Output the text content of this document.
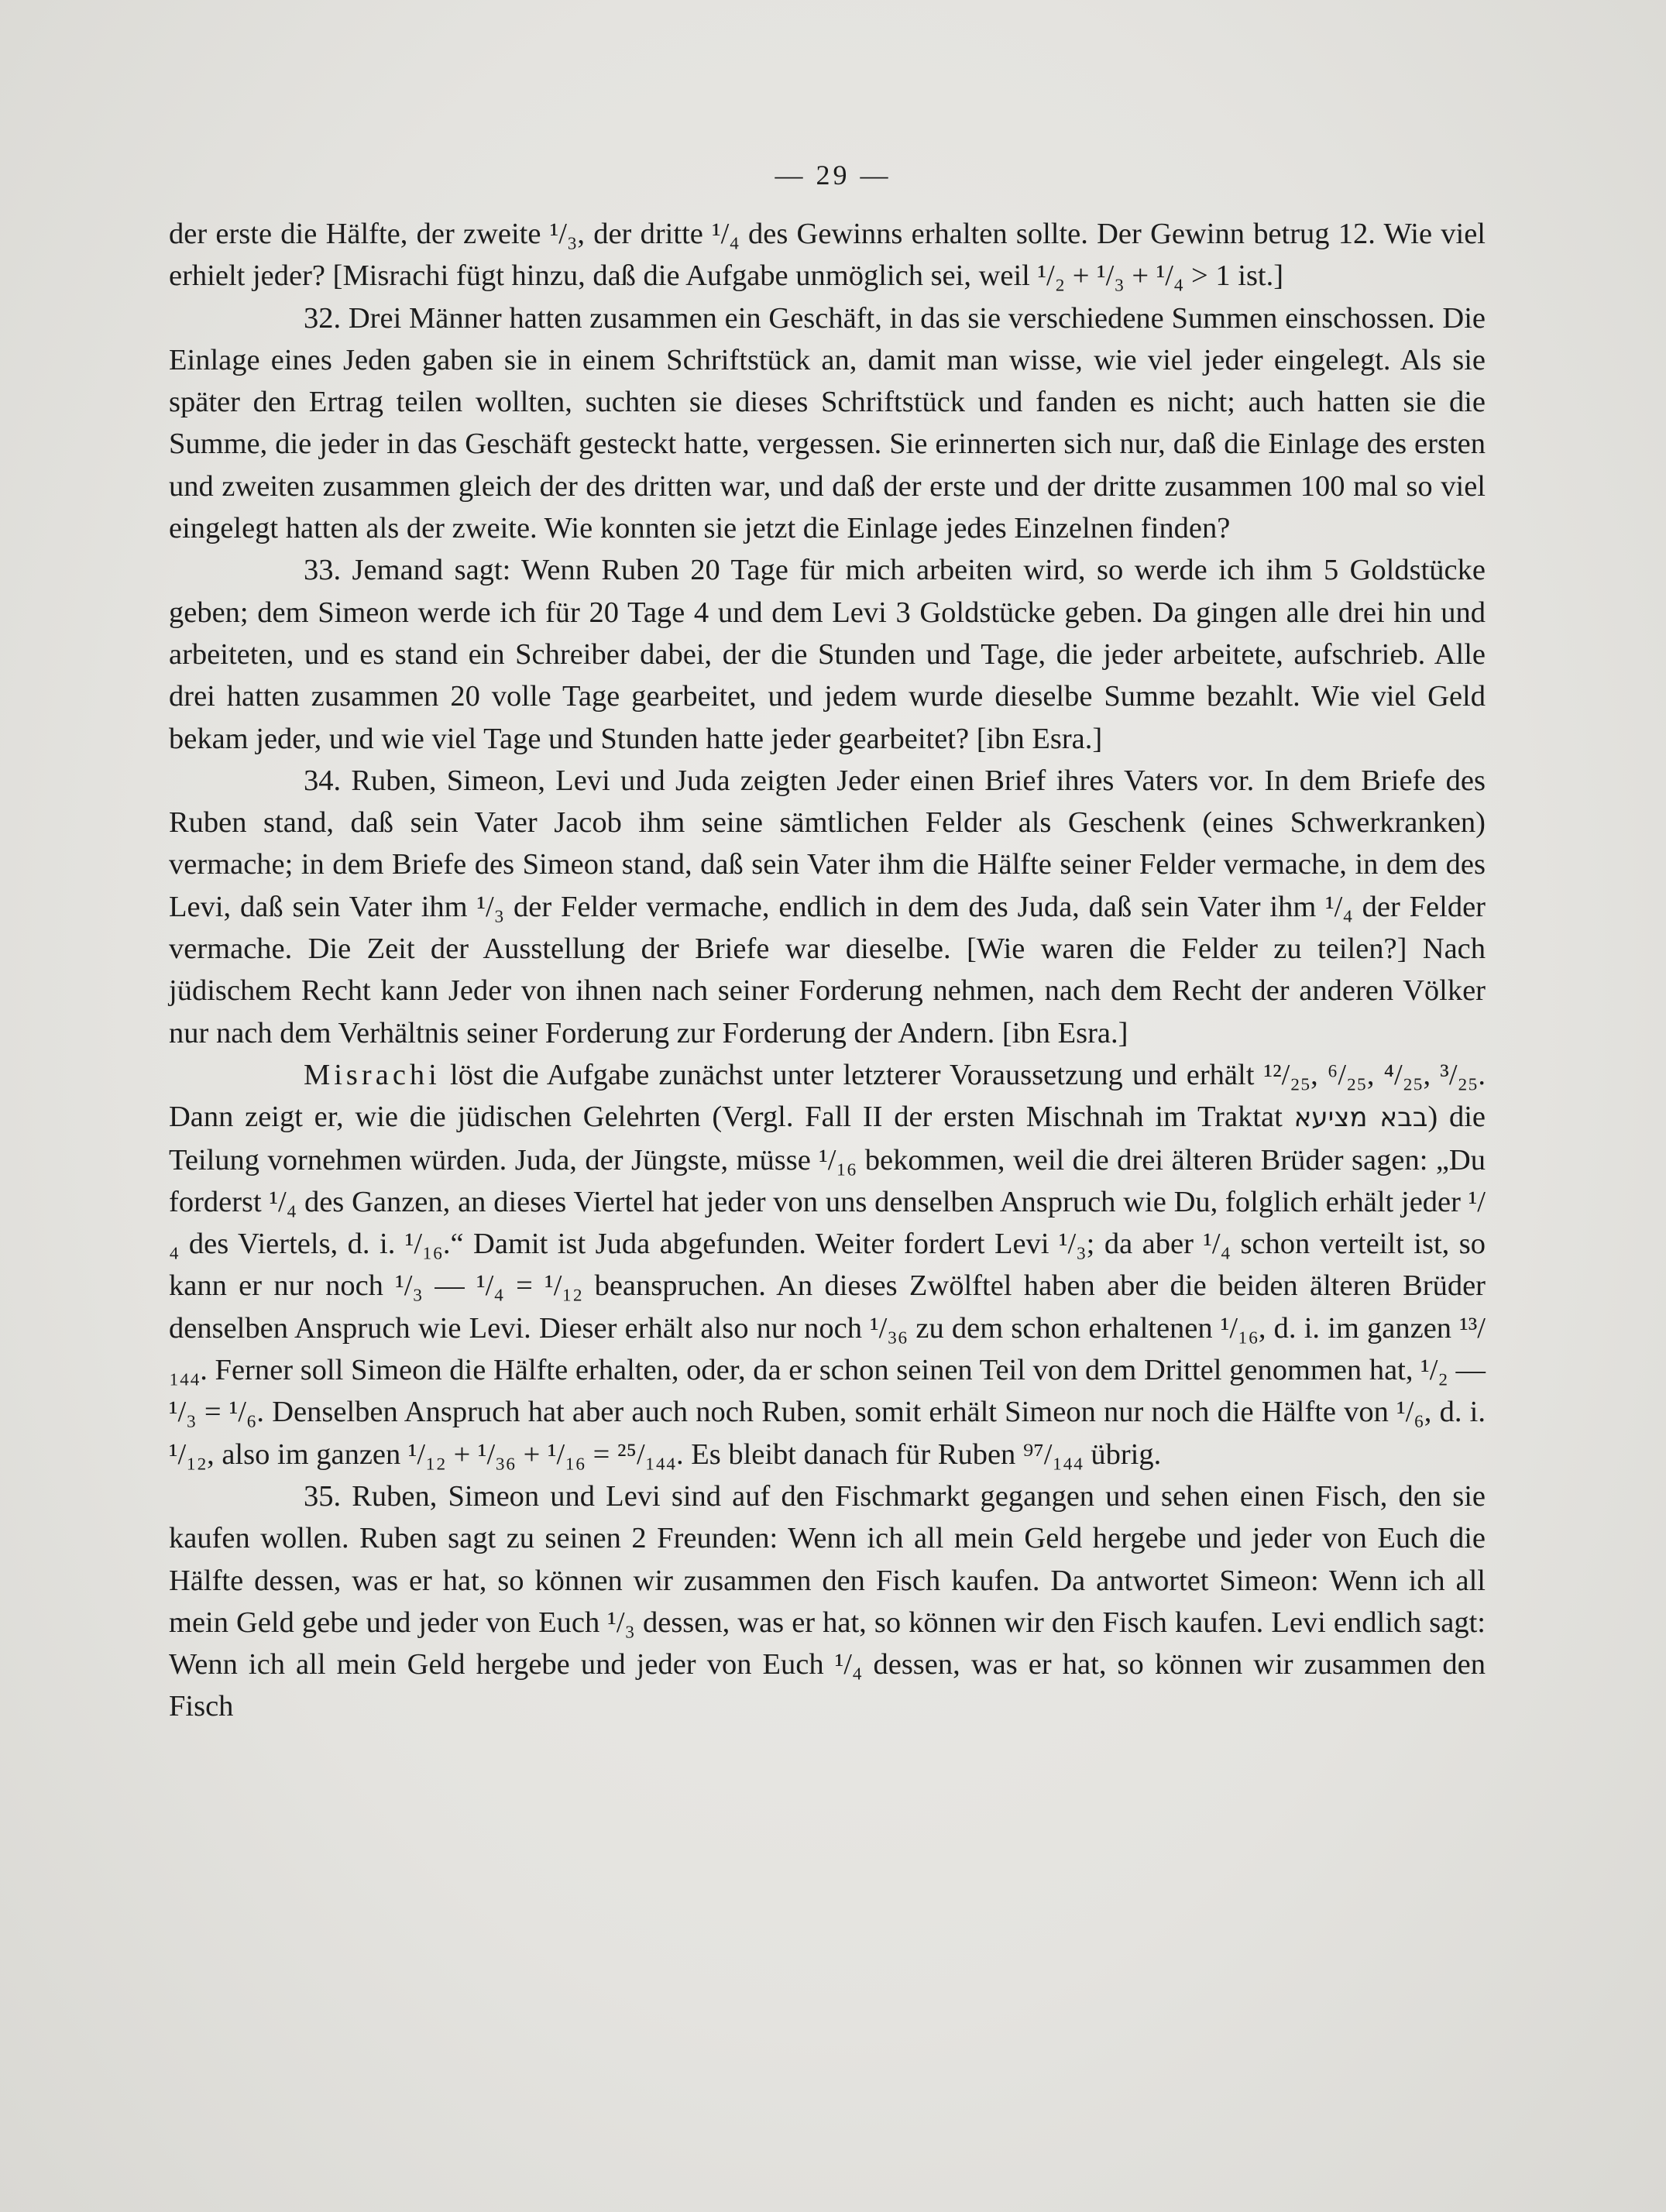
— 29 —

der erste die Hälfte, der zweite ¹/₃, der dritte ¹/₄ des Gewinns erhalten sollte. Der Gewinn betrug 12. Wie viel erhielt jeder? [Misrachi fügt hinzu, daß die Aufgabe unmöglich sei, weil ¹/₂ + ¹/₃ + ¹/₄ > 1 ist.]

32. Drei Männer hatten zusammen ein Geschäft, in das sie verschiedene Summen einschossen. Die Einlage eines Jeden gaben sie in einem Schriftstück an, damit man wisse, wie viel jeder eingelegt. Als sie später den Ertrag teilen wollten, suchten sie dieses Schriftstück und fanden es nicht; auch hatten sie die Summe, die jeder in das Geschäft gesteckt hatte, vergessen. Sie erinnerten sich nur, daß die Einlage des ersten und zweiten zusammen gleich der des dritten war, und daß der erste und der dritte zusammen 100 mal so viel eingelegt hatten als der zweite. Wie konnten sie jetzt die Einlage jedes Einzelnen finden?

33. Jemand sagt: Wenn Ruben 20 Tage für mich arbeiten wird, so werde ich ihm 5 Goldstücke geben; dem Simeon werde ich für 20 Tage 4 und dem Levi 3 Goldstücke geben. Da gingen alle drei hin und arbeiteten, und es stand ein Schreiber dabei, der die Stunden und Tage, die jeder arbeitete, aufschrieb. Alle drei hatten zusammen 20 volle Tage gearbeitet, und jedem wurde dieselbe Summe bezahlt. Wie viel Geld bekam jeder, und wie viel Tage und Stunden hatte jeder gearbeitet? [ibn Esra.]

34. Ruben, Simeon, Levi und Juda zeigten Jeder einen Brief ihres Vaters vor. In dem Briefe des Ruben stand, daß sein Vater Jacob ihm seine sämtlichen Felder als Geschenk (eines Schwerkranken) vermache; in dem Briefe des Simeon stand, daß sein Vater ihm die Hälfte seiner Felder vermache, in dem des Levi, daß sein Vater ihm ¹/₃ der Felder vermache, endlich in dem des Juda, daß sein Vater ihm ¹/₄ der Felder vermache. Die Zeit der Ausstellung der Briefe war dieselbe. [Wie waren die Felder zu teilen?] Nach jüdischem Recht kann Jeder von ihnen nach seiner Forderung nehmen, nach dem Recht der anderen Völker nur nach dem Verhältnis seiner Forderung zur Forderung der Andern. [ibn Esra.]

Misrachi löst die Aufgabe zunächst unter letzterer Voraussetzung und erhält ¹²/₂₅, ⁶/₂₅, ⁴/₂₅, ³/₂₅. Dann zeigt er, wie die jüdischen Gelehrten (Vergl. Fall II der ersten Mischnah im Traktat בבא מציעא) die Teilung vornehmen würden. Juda, der Jüngste, müsse ¹/₁₆ bekommen, weil die drei älteren Brüder sagen: „Du forderst ¹/₄ des Ganzen, an dieses Viertel hat jeder von uns denselben Anspruch wie Du, folglich erhält jeder ¹/₄ des Viertels, d. i. ¹/₁₆.“ Damit ist Juda abgefunden. Weiter fordert Levi ¹/₃; da aber ¹/₄ schon verteilt ist, so kann er nur noch ¹/₃ — ¹/₄ = ¹/₁₂ beanspruchen. An dieses Zwölftel haben aber die beiden älteren Brüder denselben Anspruch wie Levi. Dieser erhält also nur noch ¹/₃₆ zu dem schon erhaltenen ¹/₁₆, d. i. im ganzen ¹³/₁₄₄. Ferner soll Simeon die Hälfte erhalten, oder, da er schon seinen Teil von dem Drittel genommen hat, ¹/₂ — ¹/₃ = ¹/₆. Denselben Anspruch hat aber auch noch Ruben, somit erhält Simeon nur noch die Hälfte von ¹/₆, d. i. ¹/₁₂, also im ganzen ¹/₁₂ + ¹/₃₆ + ¹/₁₆ = ²⁵/₁₄₄. Es bleibt danach für Ruben ⁹⁷/₁₄₄ übrig.

35. Ruben, Simeon und Levi sind auf den Fischmarkt gegangen und sehen einen Fisch, den sie kaufen wollen. Ruben sagt zu seinen 2 Freunden: Wenn ich all mein Geld hergebe und jeder von Euch die Hälfte dessen, was er hat, so können wir zusammen den Fisch kaufen. Da antwortet Simeon: Wenn ich all mein Geld gebe und jeder von Euch ¹/₃ dessen, was er hat, so können wir den Fisch kaufen. Levi endlich sagt: Wenn ich all mein Geld hergebe und jeder von Euch ¹/₄ dessen, was er hat, so können wir zusammen den Fisch
